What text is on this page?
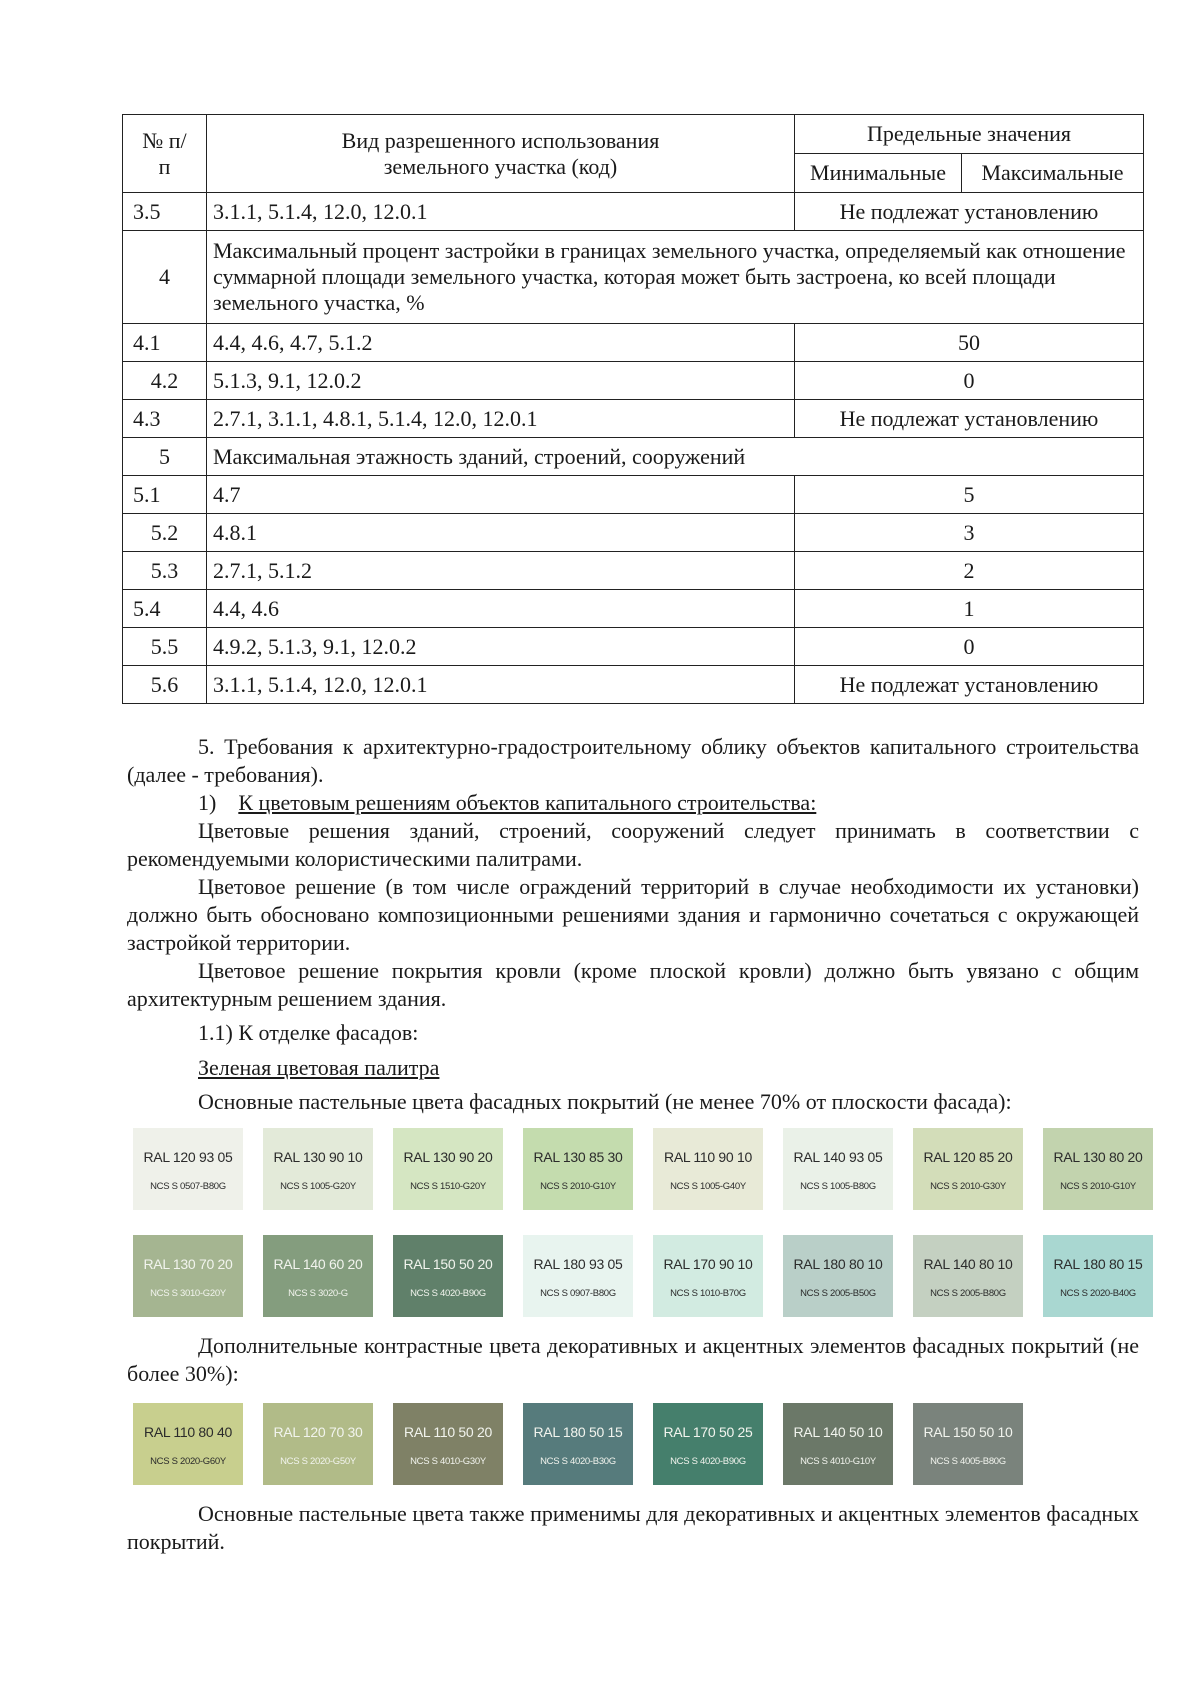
№ п/п	Вид разрешенного использования земельного участка (код)	Предельные значения	
		Минимальные	Максимальные
3.5	3.1.1, 5.1.4, 12.0, 12.0.1	Не подлежат установлению	
4	Максимальный процент застройки в границах земельного участка, определяемый как отношение суммарной площади земельного участка, которая может быть застроена, ко всей площади земельного участка, %		
4.1	4.4, 4.6, 4.7, 5.1.2	50	
4.2	5.1.3, 9.1, 12.0.2	0	
4.3	2.7.1, 3.1.1, 4.8.1, 5.1.4, 12.0, 12.0.1	Не подлежат установлению	
5	Максимальная этажность зданий, строений, сооружений		
5.1	4.7	5	
5.2	4.8.1	3	
5.3	2.7.1, 5.1.2	2	
5.4	4.4, 4.6	1	
5.5	4.9.2, 5.1.3, 9.1, 12.0.2	0	
5.6	3.1.1, 5.1.4, 12.0, 12.0.1	Не подлежат установлению	

5. Требования к архитектурно-градостроительному облику объектов капитального строительства (далее - требования).

1) К цветовым решениям объектов капитального строительства:

Цветовые решения зданий, строений, сооружений следует принимать в соответствии с рекомендуемыми колористическими палитрами.

Цветовое решение (в том числе ограждений территорий в случае необходимости их установки) должно быть обосновано композиционными решениями здания и гармонично сочетаться с окружающей застройкой территории.

Цветовое решение покрытия кровли (кроме плоской кровли) должно быть увязано с общим архитектурным решением здания.

1.1) К отделке фасадов:

Зеленая цветовая палитра

Основные пастельные цвета фасадных покрытий (не менее 70% от плоскости фасада):

RAL 120 93 05
NCS S 0507-B80G
RAL 130 90 10
NCS S 1005-G20Y
RAL 130 90 20
NCS S 1510-G20Y
RAL 130 85 30
NCS S 2010-G10Y
RAL 110 90 10
NCS S 1005-G40Y
RAL 140 93 05
NCS S 1005-B80G
RAL 120 85 20
NCS S 2010-G30Y
RAL 130 80 20
NCS S 2010-G10Y
RAL 130 70 20
NCS S 3010-G20Y
RAL 140 60 20
NCS S 3020-G
RAL 150 50 20
NCS S 4020-B90G
RAL 180 93 05
NCS S 0907-B80G
RAL 170 90 10
NCS S 1010-B70G
RAL 180 80 10
NCS S 2005-B50G
RAL 140 80 10
NCS S 2005-B80G
RAL 180 80 15
NCS S 2020-B40G

Дополнительные контрастные цвета декоративных и акцентных элементов фасадных покрытий (не более 30%):

RAL 110 80 40
NCS S 2020-G60Y
RAL 120 70 30
NCS S 2020-G50Y
RAL 110 50 20
NCS S 4010-G30Y
RAL 180 50 15
NCS S 4020-B30G
RAL 170 50 25
NCS S 4020-B90G
RAL 140 50 10
NCS S 4010-G10Y
RAL 150 50 10
NCS S 4005-B80G

Основные пастельные цвета также применимы для декоративных и акцентных элементов фасадных покрытий.
